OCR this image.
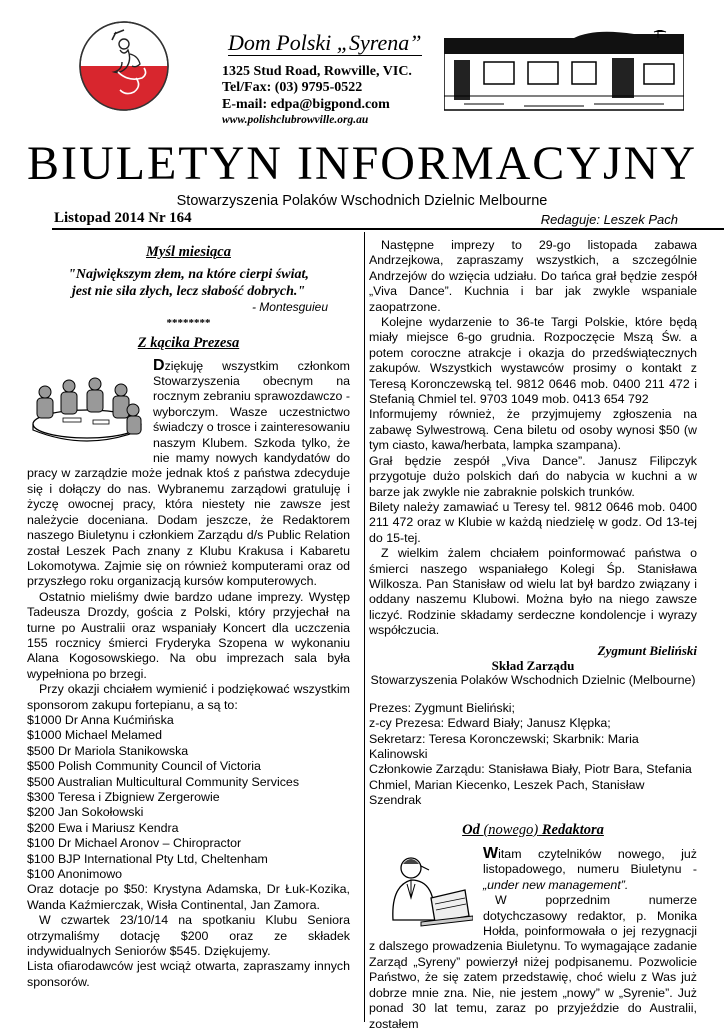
Dom Polski „Syrena”
1325 Stud Road, Rowville, VIC.
Tel/Fax: (03) 9795-0522
E-mail: edpa@bigpond.com
www.polishclubrowville.org.au
BIULETYN INFORMACYJNY
Stowarzyszenia Polaków Wschodnich Dzielnic Melbourne
Listopad 2014 Nr 164	Redaguje: Leszek Pach

Myśl miesiąca

"Największym złem, na które cierpi świat,

jest nie siła złych, lecz słabość dobrych."

- Montesguieu

********

Z kącika Prezesa

Dziękuję wszystkim członkom Stowarzyszenia obecnym na rocznym zebraniu sprawozdawczo - wyborczym. Wasze uczestnictwo świadczy o trosce i zainteresowaniu naszym Klubem. Szkoda tylko, że nie mamy nowych kandydatów do pracy w zarządzie może jednak ktoś z państwa zdecyduje się i dołączy do nas. Wybranemu zarządowi gratuluję i życzę owocnej pracy, która niestety nie zawsze jest należycie doceniana. Dodam jeszcze, że Redaktorem naszego Biuletynu i członkiem Zarządu d/s Public Relation został Leszek Pach znany z Klubu Krakusa i Kabaretu Lokomotywa. Zajmie się on również komputerami oraz od przyszłego roku organizacją kursów komputerowych.

Ostatnio mieliśmy dwie bardzo udane imprezy. Występ Tadeusza Drozdy, gościa z Polski, który przyjechał na turne po Australii oraz wspaniały Koncert dla uczczenia 155 rocznicy śmierci Fryderyka Szopena w wykonaniu Alana Kogosowskiego. Na obu imprezach sala była wypełniona po brzegi.

Przy okazji chciałem wymienić i podziękować wszystkim sponsorom zakupu fortepianu, a są to:

$1000 Dr Anna Kućmińska

$1000 Michael Melamed

$500 Dr Mariola Stanikowska

$500 Polish Community Council of Victoria

$500 Australian Multicultural Community Services

$300 Teresa i Zbigniew Zergerowie

$200 Jan Sokołowski

$200 Ewa i Mariusz Kendra

$100 Dr Michael Aronov – Chiropractor

$100 BJP International Pty Ltd, Cheltenham

$100 Anonimowo

Oraz dotacje po $50: Krystyna Adamska, Dr Łuk-Kozika, Wanda Kaźmierczak, Wisła Continental, Jan Zamora.

W czwartek 23/10/14 na spotkaniu Klubu Seniora otrzymaliśmy dotację $200 oraz ze składek indywidualnych Seniorów $545. Dziękujemy.

Lista ofiarodawców jest wciąż otwarta, zapraszamy innych sponsorów.

Następne imprezy to 29-go listopada zabawa Andrzejkowa, zapraszamy wszystkich, a szczególnie Andrzejów do wzięcia udziału. Do tańca grał będzie zespół „Viva Dance”. Kuchnia i bar jak zwykle wspaniale zaopatrzone.

Kolejne wydarzenie to 36-te Targi Polskie, które będą miały miejsce 6-go grudnia. Rozpoczęcie Mszą Św. a potem coroczne atrakcje i okazja do przedświątecznych zakupów. Wszystkich wystawców prosimy o kontakt z Teresą Koronczewską tel. 9812 0646 mob. 0400 211 472 i Stefanią Chmiel tel. 9703 1049 mob. 0413 654 792

Informujemy również, że przyjmujemy zgłoszenia na zabawę Sylwestrową. Cena biletu od osoby wynosi $50 (w tym ciasto, kawa/herbata, lampka szampana).

Grał będzie zespół „Viva Dance”. Janusz Filipczyk przygotuje dużo polskich dań do nabycia w kuchni a w barze jak zwykle nie zabraknie polskich trunków.

Bilety należy zamawiać u Teresy tel. 9812 0646 mob. 0400 211 472 oraz w Klubie w każdą niedzielę w godz. Od 13-tej do 15-tej.

Z wielkim żalem chciałem poinformować państwa o śmierci naszego wspaniałego Kolegi Śp. Stanisława Wilkosza. Pan Stanisław od wielu lat był bardzo związany i oddany naszemu Klubowi. Można było na niego zawsze liczyć. Rodzinie składamy serdeczne kondolencje i wyrazy współczucia.

Zygmunt Bieliński

Skład Zarządu

Stowarzyszenia Polaków Wschodnich Dzielnic (Melbourne)

Prezes: Zygmunt Bieliński;

z-cy Prezesa: Edward Biały; Janusz Klępka;

Sekretarz: Teresa Koronczewski; Skarbnik: Maria Kalinowski

Członkowie Zarządu: Stanisława Biały, Piotr Bara, Stefania Chmiel, Marian Kiecenko, Leszek Pach, Stanisław Szendrak

Od (nowego) Redaktora

Witam czytelników nowego, już listopadowego, numeru Biuletynu - „under new management”.

W poprzednim numerze dotychczasowy redaktor, p. Monika Hołda, poinformowała o jej rezygnacji z dalszego prowadzenia Biuletynu. To wymagające zadanie Zarząd „Syreny” powierzył niżej podpisanemu. Pozwolicie Państwo, że się zatem przedstawię, choć wielu z Was już dobrze mnie zna. Nie, nie jestem „nowy” w „Syrenie”. Już ponad 30 lat temu, zaraz po przyjeździe do Australii, zostałem
